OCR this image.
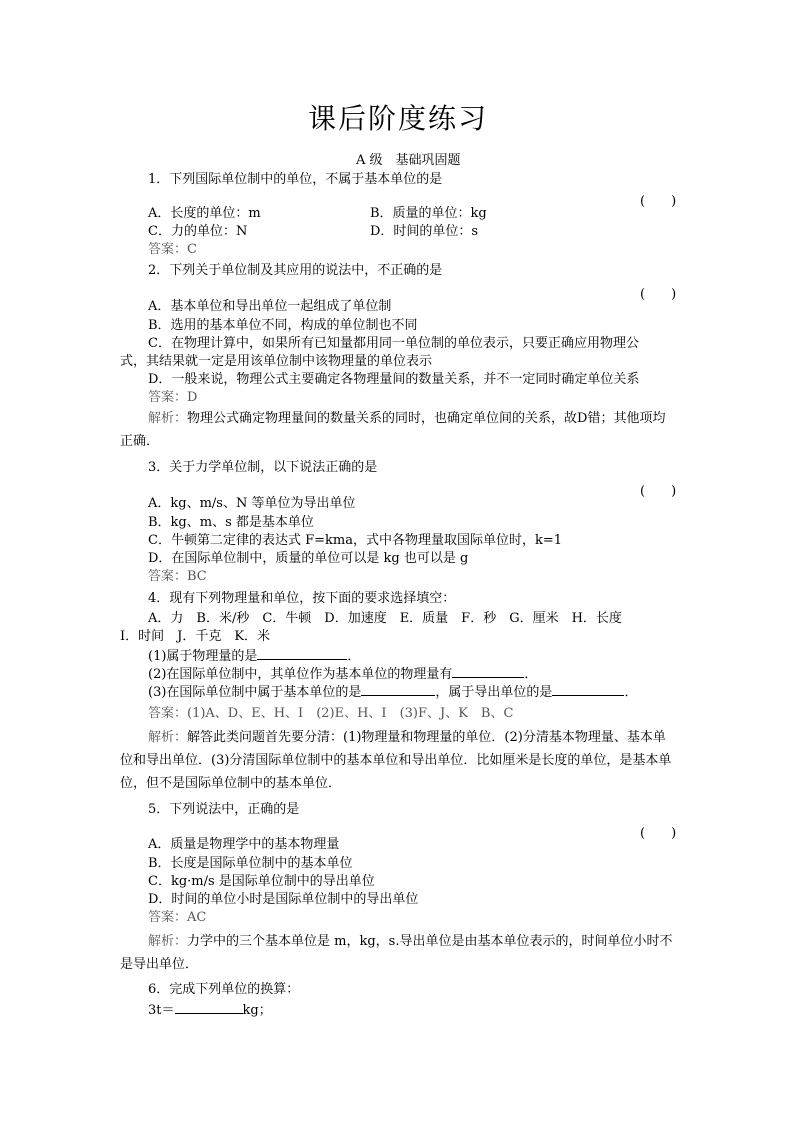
课后阶度练习
A 级　基础巩固题
1．下列国际单位制中的单位，不属于基本单位的是
(　　)
A．长度的单位：m	B．质量的单位：kg
C．力的单位：N	D．时间的单位：s
答案：C
2．下列关于单位制及其应用的说法中，不正确的是
(　　)
A．基本单位和导出单位一起组成了单位制
B．选用的基本单位不同，构成的单位制也不同
C．在物理计算中，如果所有已知量都用同一单位制的单位表示，只要正确应用物理公
式，其结果就一定是用该单位制中该物理量的单位表示
D．一般来说，物理公式主要确定各物理量间的数量关系，并不一定同时确定单位关系
答案：D
解析：物理公式确定物理量间的数量关系的同时，也确定单位间的关系，故D错；其他项均正确．
3．关于力学单位制，以下说法正确的是
(　　)
A．kg、m/s、N 等单位为导出单位
B．kg、m、s 都是基本单位
C．牛顿第二定律的表达式 F=kma，式中各物理量取国际单位时，k=1
D．在国际单位制中，质量的单位可以是 kg 也可以是 g
答案：BC
4．现有下列物理量和单位，按下面的要求选择填空：
A．力　B．米/秒　C．牛顿　D．加速度　E．质量　F．秒　G．厘米　H．长度
I．时间　J．千克　K．米
(1)属于物理量的是	．
(2)在国际单位制中，其单位作为基本单位的物理量有	．
(3)在国际单位制中属于基本单位的是	，属于导出单位的是	．
答案：(1)A、D、E、H、I　(2)E、H、I　(3)F、J、K　B、C
解析：解答此类问题首先要分清：(1)物理量和物理量的单位．(2)分清基本物理量、基本单位和导出单位．(3)分清国际单位制中的基本单位和导出单位．比如厘米是长度的单位，是基本单位，但不是国际单位制中的基本单位．
5．下列说法中，正确的是
(　　)
A．质量是物理学中的基本物理量
B．长度是国际单位制中的基本单位
C．kg·m/s 是国际单位制中的导出单位
D．时间的单位小时是国际单位制中的导出单位
答案：AC
解析：力学中的三个基本单位是 m，kg，s.导出单位是由基本单位表示的，时间单位小时不是导出单位．
6．完成下列单位的换算：
3t＝	kg；
